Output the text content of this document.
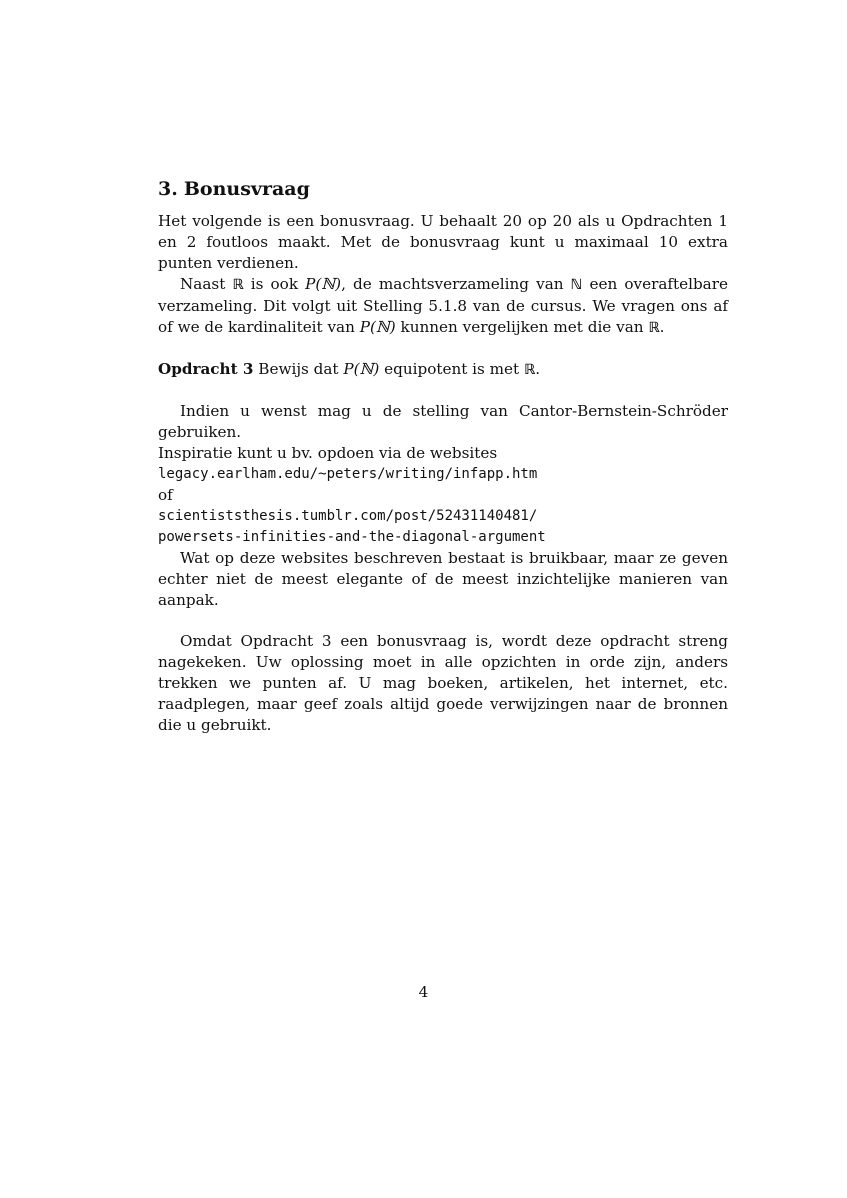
3. Bonusvraag

Het volgende is een bonusvraag. U behaalt 20 op 20 als u Opdrachten 1 en 2 foutloos maakt. Met de bonusvraag kunt u maximaal 10 extra punten verdienen.

Naast ℝ is ook P(ℕ), de machtsverzameling van ℕ een overaftelbare verzameling. Dit volgt uit Stelling 5.1.8 van de cursus. We vragen ons af of we de kardinaliteit van P(ℕ) kunnen vergelijken met die van ℝ.

Opdracht 3 Bewijs dat P(ℕ) equipotent is met ℝ.

Indien u wenst mag u de stelling van Cantor-Bernstein-Schröder gebruiken.

Inspiratie kunt u bv. opdoen via de websites

legacy.earlham.edu/~peters/writing/infapp.htm

of

scientiststhesis.tumblr.com/post/52431140481/

powersets-infinities-and-the-diagonal-argument

Wat op deze websites beschreven bestaat is bruikbaar, maar ze geven echter niet de meest elegante of de meest inzichtelijke manieren van aanpak.

Omdat Opdracht 3 een bonusvraag is, wordt deze opdracht streng nagekeken. Uw oplossing moet in alle opzichten in orde zijn, anders trekken we punten af. U mag boeken, artikelen, het internet, etc. raadplegen, maar geef zoals altijd goede verwijzingen naar de bronnen die u gebruikt.

4
